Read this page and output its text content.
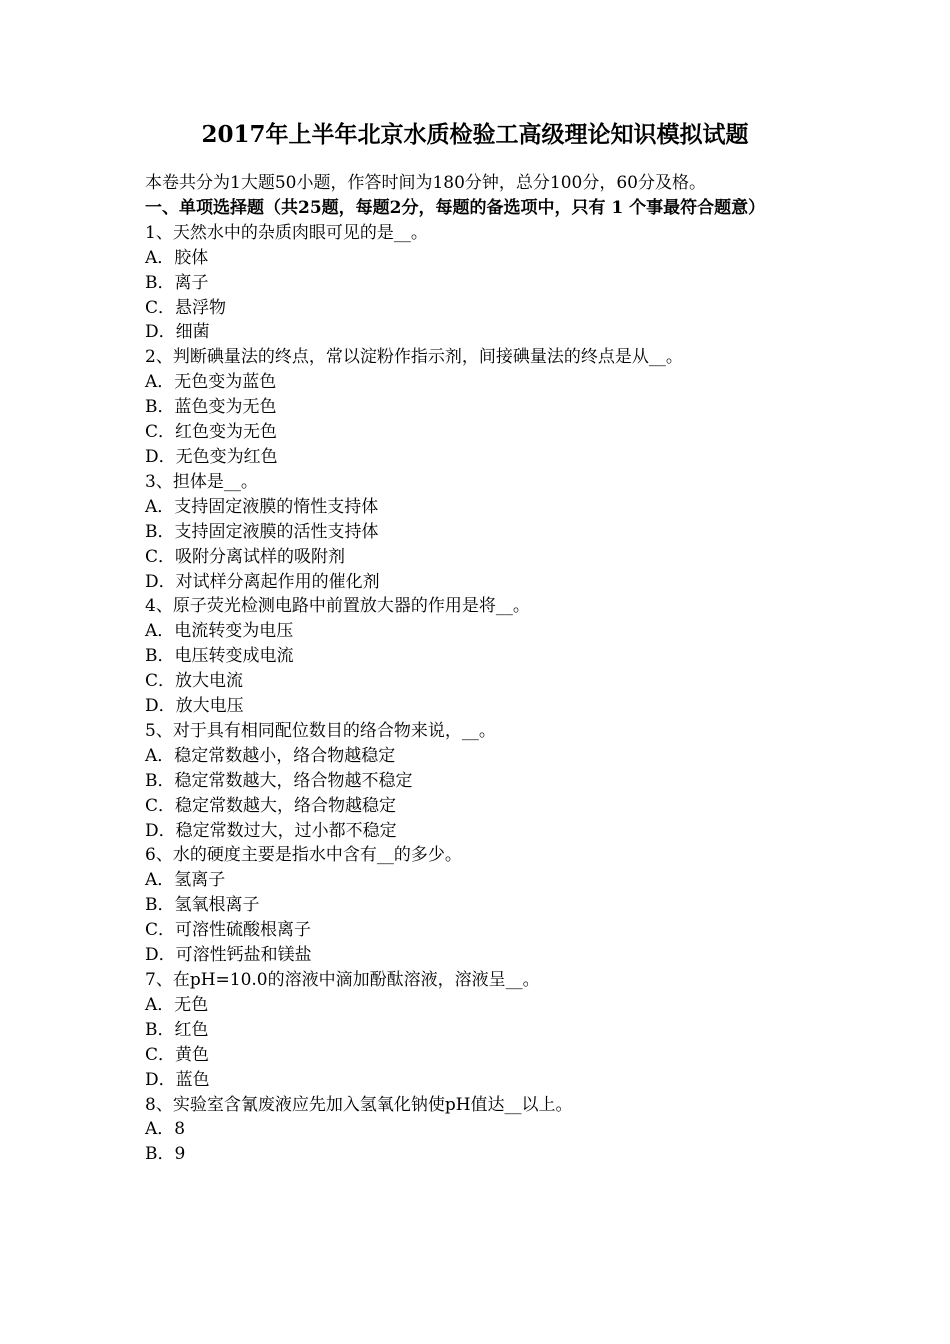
2017年上半年北京水质检验工高级理论知识模拟试题

本卷共分为1大题50小题，作答时间为180分钟，总分100分，60分及格。

一、单项选择题（共25题，每题2分，每题的备选项中，只有 1 个事最符合题意）

1、天然水中的杂质肉眼可见的是__。

A．胶体

B．离子

C．悬浮物

D．细菌

2、判断碘量法的终点，常以淀粉作指示剂，间接碘量法的终点是从__。

A．无色变为蓝色

B．蓝色变为无色

C．红色变为无色

D．无色变为红色

3、担体是__。

A．支持固定液膜的惰性支持体

B．支持固定液膜的活性支持体

C．吸附分离试样的吸附剂

D．对试样分离起作用的催化剂

4、原子荧光检测电路中前置放大器的作用是将__。

A．电流转变为电压

B．电压转变成电流

C．放大电流

D．放大电压

5、对于具有相同配位数目的络合物来说，__。

A．稳定常数越小，络合物越稳定

B．稳定常数越大，络合物越不稳定

C．稳定常数越大，络合物越稳定

D．稳定常数过大，过小都不稳定

6、水的硬度主要是指水中含有__的多少。

A．氢离子

B．氢氧根离子

C．可溶性硫酸根离子

D．可溶性钙盐和镁盐

7、在pH=10.0的溶液中滴加酚酞溶液，溶液呈__。

A．无色

B．红色

C．黄色

D．蓝色

8、实验室含氰废液应先加入氢氧化钠使pH值达__以上。

A．8

B．9
